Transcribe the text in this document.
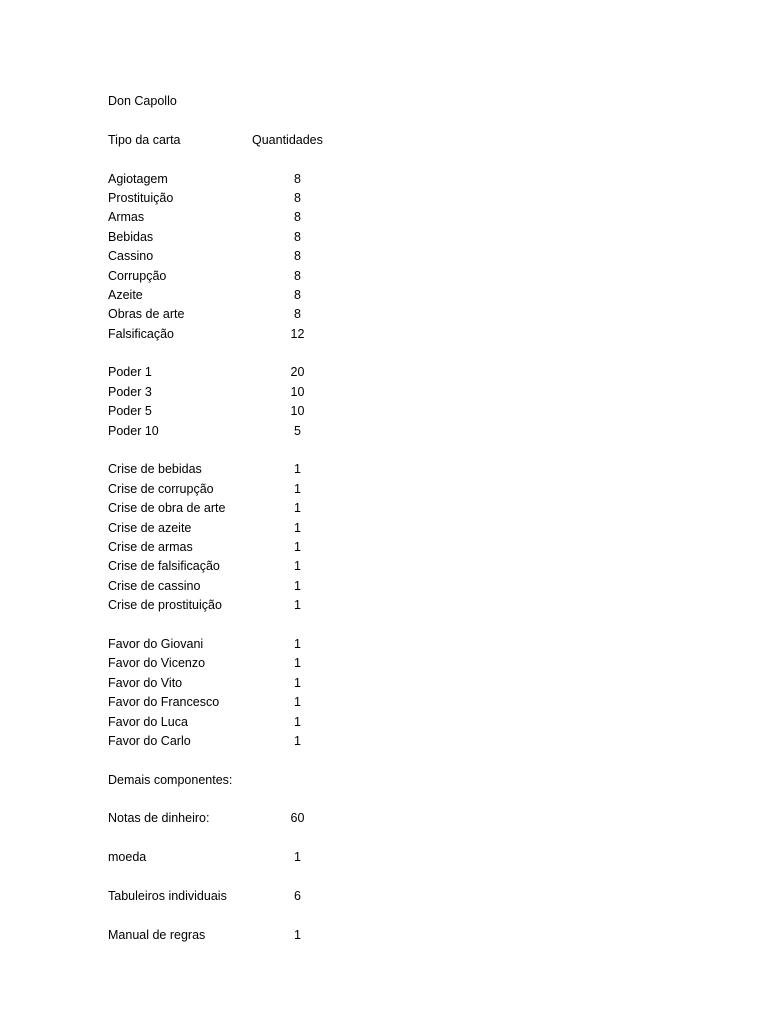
Don Capollo
Tipo da carta	Quantidades
Agiotagem	8
Prostituição	8
Armas	8
Bebidas	8
Cassino	8
Corrupção	8
Azeite	8
Obras de arte	8
Falsificação	12
Poder 1	20
Poder 3	10
Poder 5	10
Poder 10	5
Crise de bebidas	1
Crise de corrupção	1
Crise de obra de arte	1
Crise de azeite	1
Crise de armas	1
Crise de falsificação	1
Crise de cassino	1
Crise de prostituição	1
Favor do Giovani	1
Favor do Vicenzo	1
Favor do Vito	1
Favor do Francesco	1
Favor do Luca	1
Favor do Carlo	1
Demais componentes:
Notas de dinheiro:	60
moeda	1
Tabuleiros individuais	6
Manual de regras	1
